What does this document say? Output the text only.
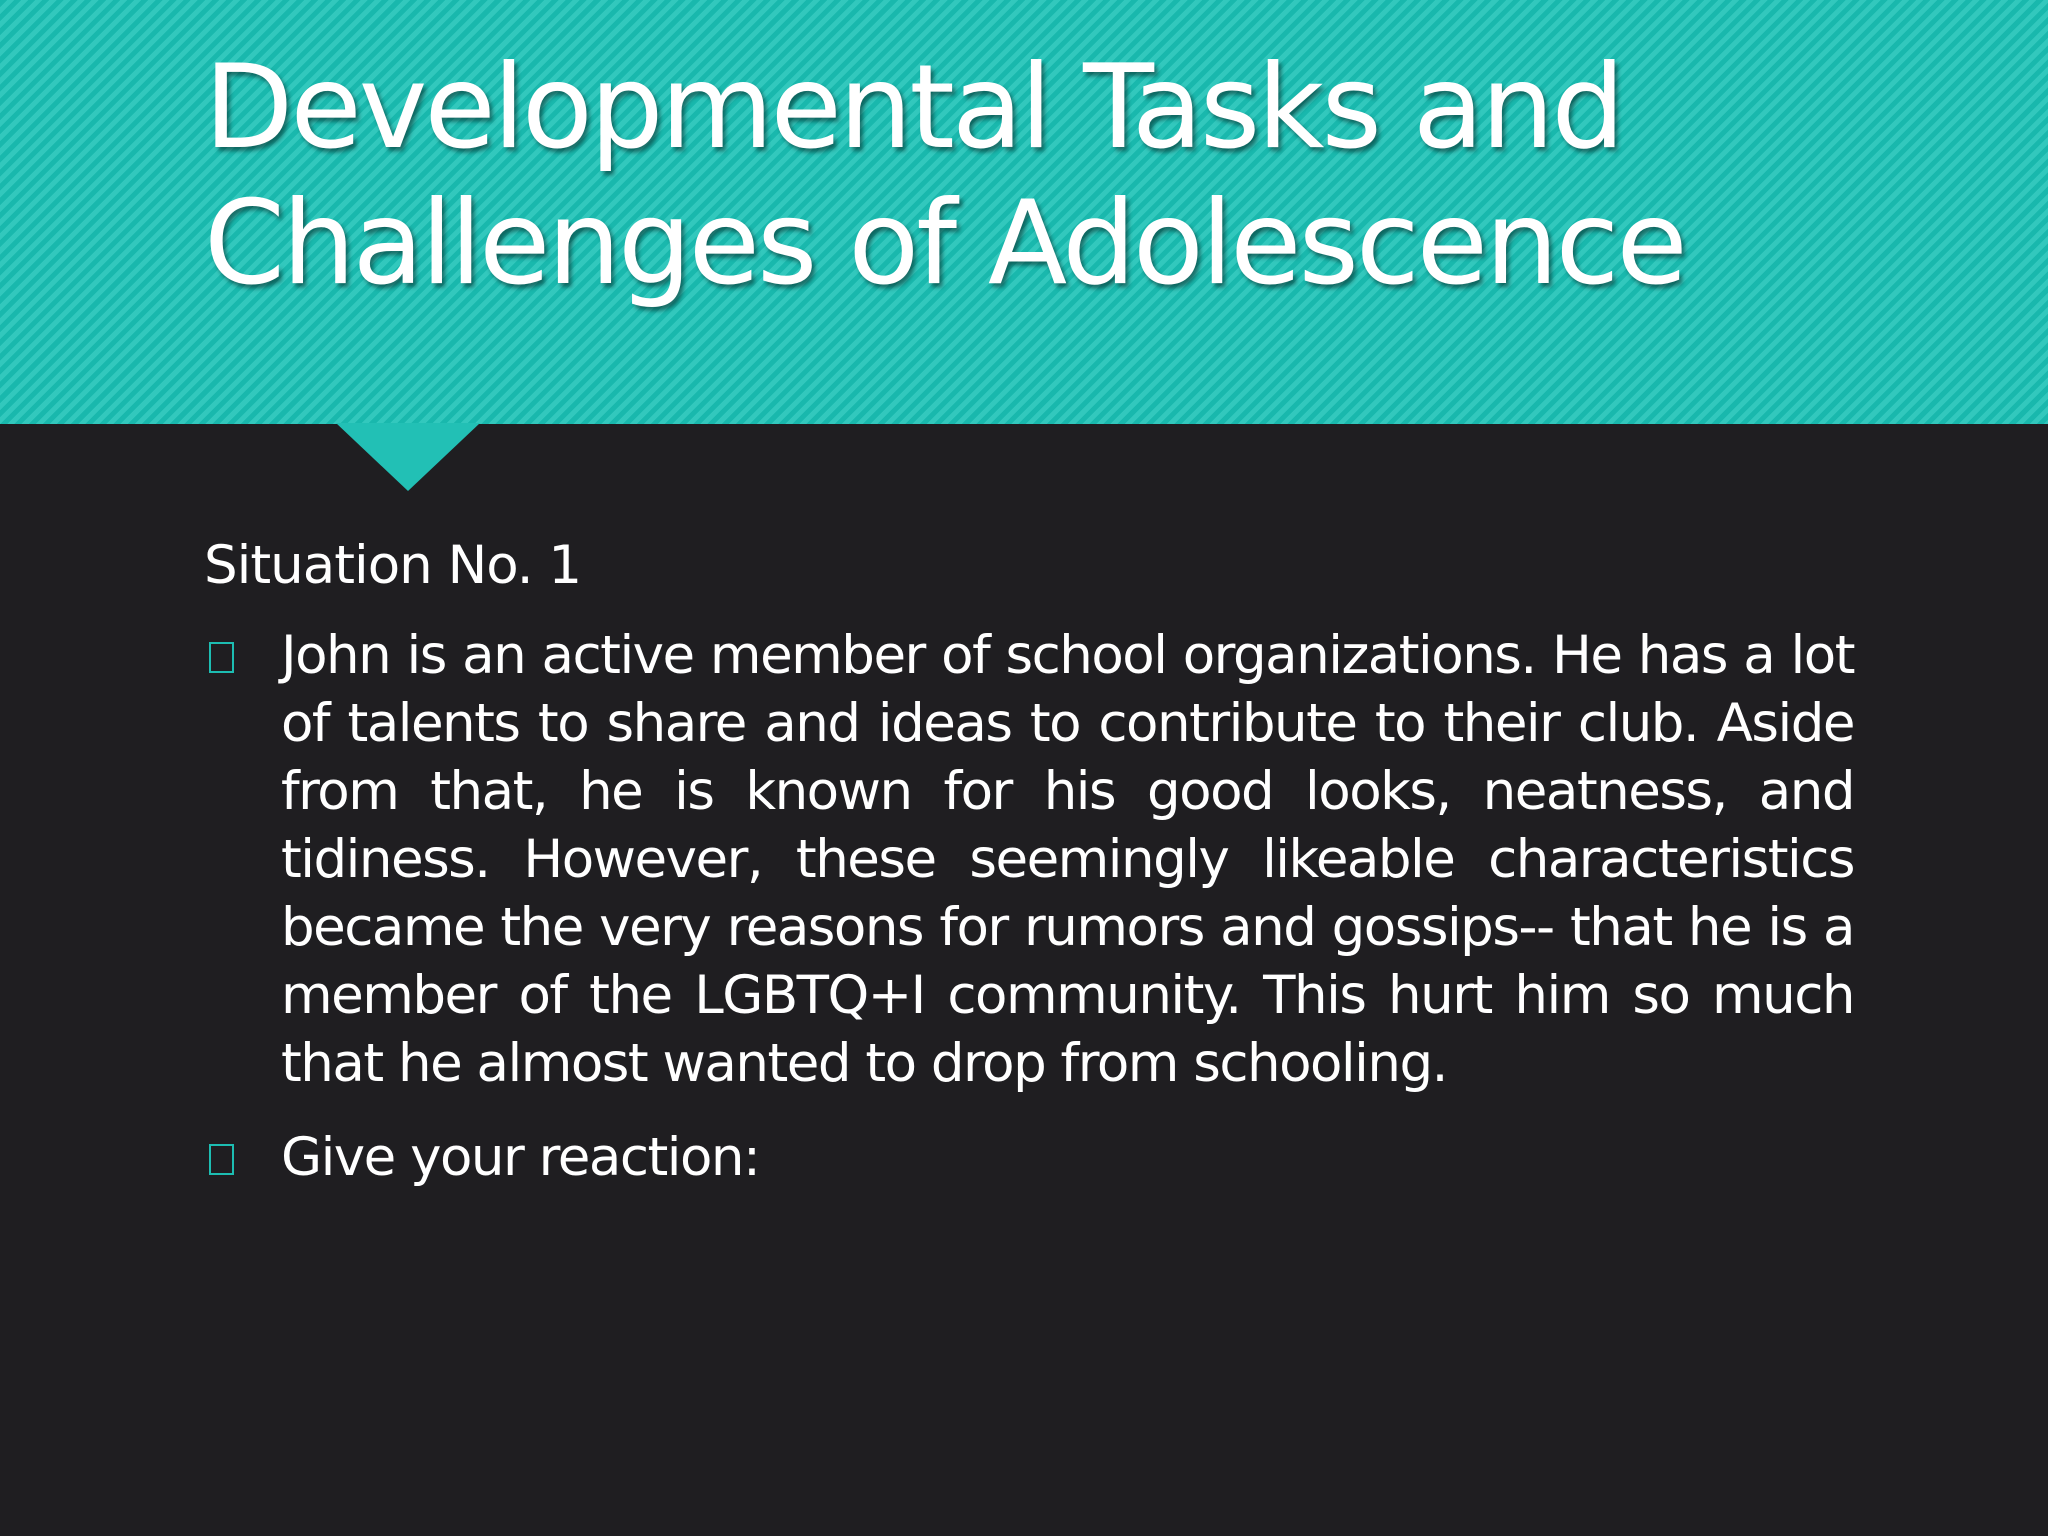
Developmental Tasks and
Challenges of Adolescence

Situation No. 1

John is an active member of school organizations. He has a lot of talents to share and ideas to contribute to their club. Aside from that, he is known for his good looks, neatness, and tidiness. However, these seemingly likeable characteristics became the very reasons for rumors and gossips-- that he is a member of the LGBTQ+I community. This hurt him so much that he almost wanted to drop from schooling.
Give your reaction:
